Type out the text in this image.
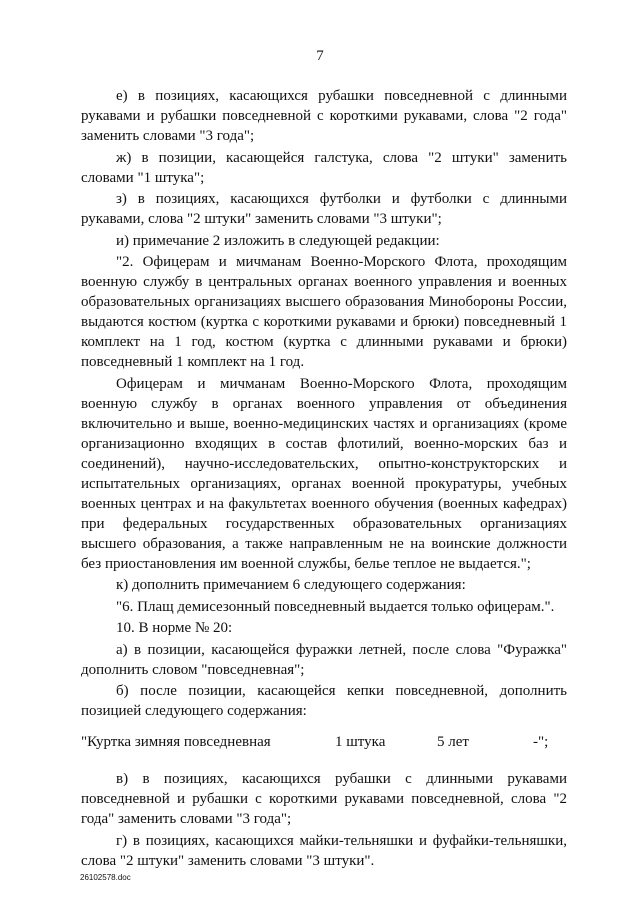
7

е) в позициях, касающихся рубашки повседневной с длинными рукавами и рубашки повседневной с короткими рукавами, слова "2 года" заменить словами "3 года";

ж) в позиции, касающейся галстука, слова "2 штуки" заменить словами "1 штука";

з) в позициях, касающихся футболки и футболки с длинными рукавами, слова "2 штуки" заменить словами "3 штуки";

и) примечание 2 изложить в следующей редакции:

"2. Офицерам и мичманам Военно-Морского Флота, проходящим военную службу в центральных органах военного управления и военных образовательных организациях высшего образования Минобороны России, выдаются костюм (куртка с короткими рукавами и брюки) повседневный 1 комплект на 1 год, костюм (куртка с длинными рукавами и брюки) повседневный 1 комплект на 1 год.

Офицерам и мичманам Военно-Морского Флота, проходящим военную службу в органах военного управления от объединения включительно и выше, военно-медицинских частях и организациях (кроме организационно входящих в состав флотилий, военно-морских баз и соединений), научно-исследовательских, опытно-конструкторских и испытательных организациях, органах военной прокуратуры, учебных военных центрах и на факультетах военного обучения (военных кафедрах) при федеральных государственных образовательных организациях высшего образования, а также направленным не на воинские должности без приостановления им военной службы, белье теплое не выдается.";

к) дополнить примечанием 6 следующего содержания:

"6. Плащ демисезонный повседневный выдается только офицерам.".

10. В норме № 20:

а) в позиции, касающейся фуражки летней, после слова "Фуражка" дополнить словом "повседневная";

б) после позиции, касающейся кепки повседневной, дополнить позицией следующего содержания:

"Куртка зимняя повседневная	1 штука	5 лет	-";

в) в позициях, касающихся рубашки с длинными рукавами повседневной и рубашки с короткими рукавами повседневной, слова "2 года" заменить словами "3 года";

г) в позициях, касающихся майки-тельняшки и фуфайки-тельняшки, слова "2 штуки" заменить словами "3 штуки".

26102578.doc
